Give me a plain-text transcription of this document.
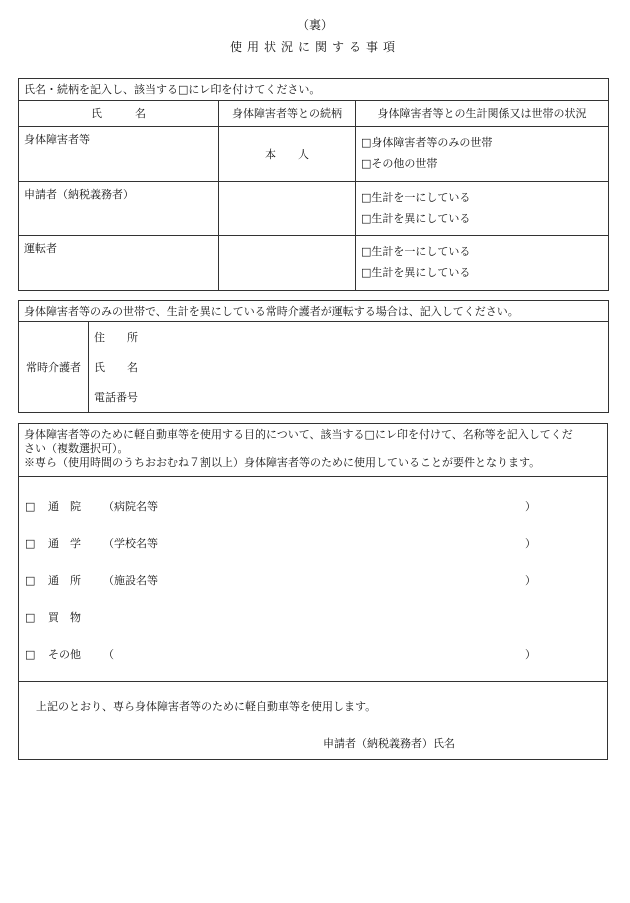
（裏）
使用状況に関する事項
氏名・続柄を記入し、該当する□にレ印を付けてください。		
氏　　　名	身体障害者等との続柄	身体障害者等との生計関係又は世帯の状況
身体障害者等	本　　人	□身体障害者等のみの世帯
□その他の世帯

申請者（納税義務者）		□生計を一にしている
□生計を異にしている

運転者		□生計を一にしている
□生計を異にしている
身体障害者等のみの世帯で、生計を異にしている常時介護者が運転する場合は、記入してください。
常時介護者	
住　　所
氏　　名
電話番号
身体障害者等のために軽自動車等を使用する目的について、該当する□にレ印を付けて、名称等を記入してくだ
さい（複数選択可）。
※専ら（使用時間のうちおおむね７割以上）身体障害者等のために使用していることが要件となります。
□ 通　院 （病院名等	）
□ 通　学 （学校名等	）
□ 通　所 （施設名等	）
□ 買　物
□ その他 （	）
上記のとおり、専ら身体障害者等のために軽自動車等を使用します。
申請者（納税義務者）氏名
